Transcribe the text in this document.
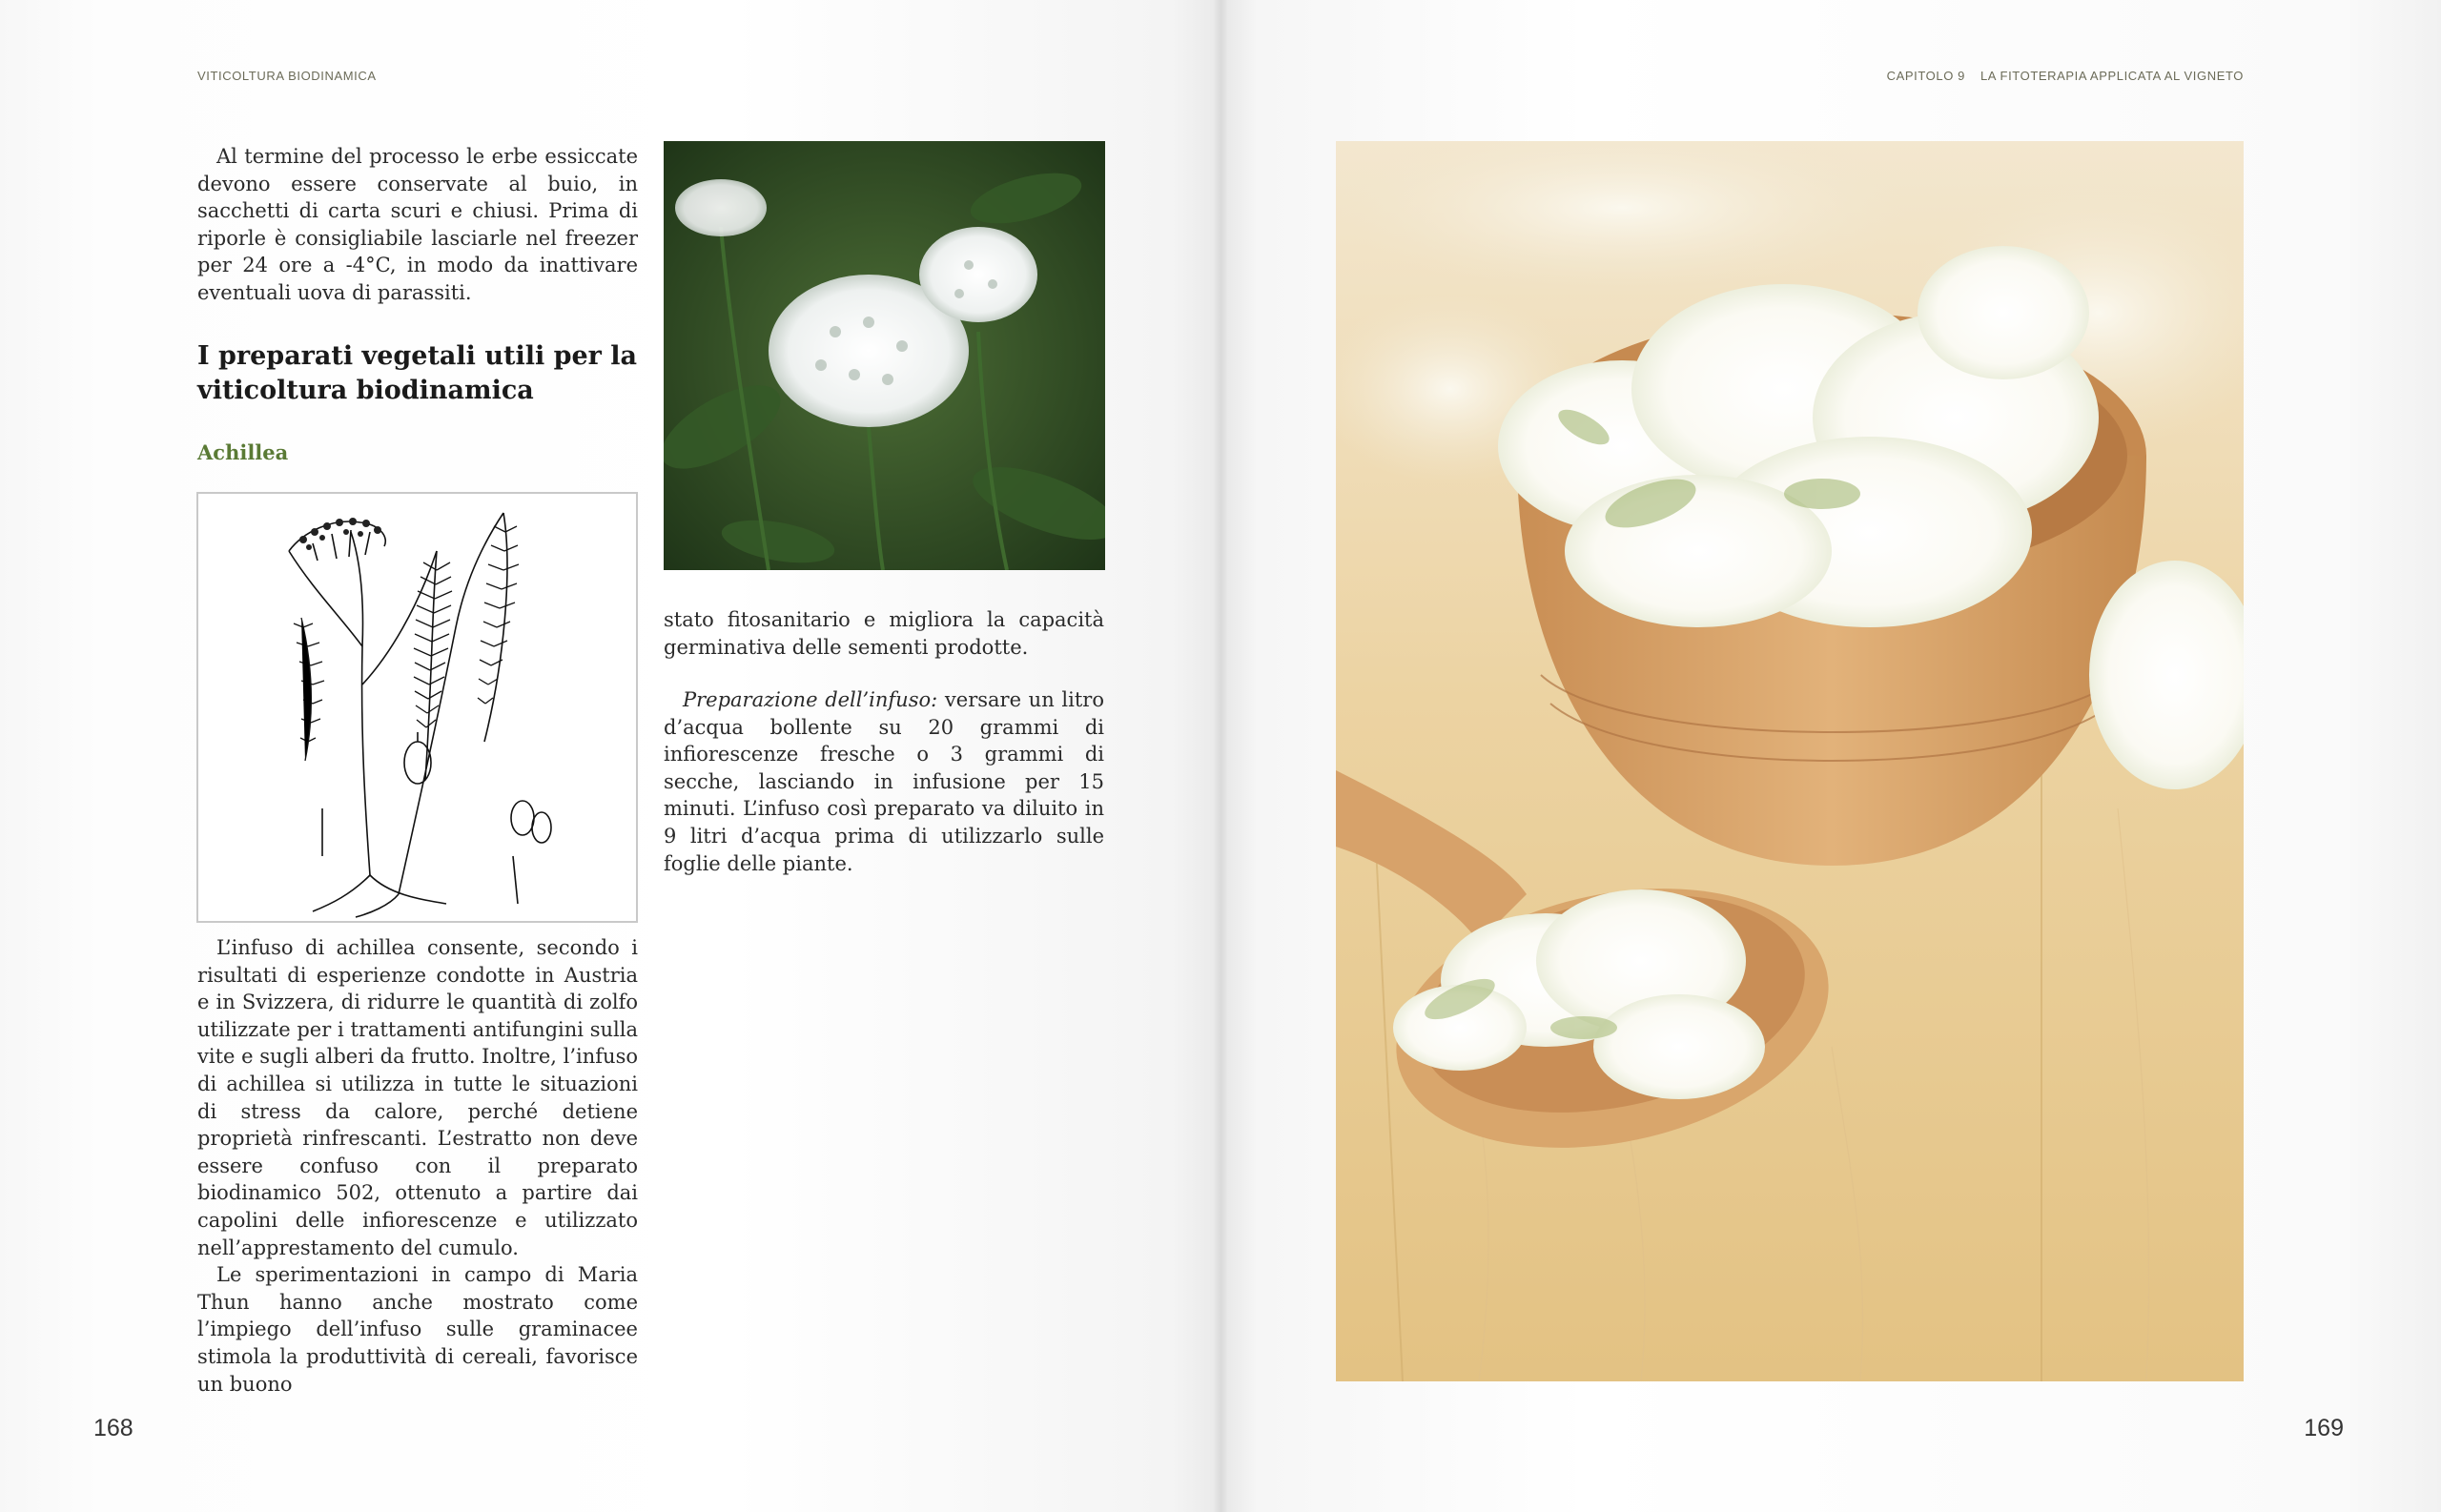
VITICOLTURA BIODINAMICA

Al termine del processo le erbe essiccate devono essere conservate al buio, in sacchetti di carta scuri e chiusi. Prima di riporle è consigliabile lasciarle nel freezer per 24 ore a -4°C, in modo da inattivare eventuali uova di parassiti.

I preparati vegetali utili per la viticoltura biodinamica
Achillea

L’infuso di achillea consente, secondo i risultati di esperienze condotte in Austria e in Svizzera, di ridurre le quantità di zolfo utilizzate per i trattamenti antifungini sulla vite e sugli alberi da frutto. Inoltre, l’infuso di achillea si utilizza in tutte le situazioni di stress da calore, perché detiene proprietà rinfrescanti. L’estratto non deve essere confuso con il preparato biodinamico 502, ottenuto a partire dai capolini delle infiorescenze e utilizzato nell’apprestamento del cumulo.
Le sperimentazioni in campo di Maria Thun hanno anche mostrato come l’impiego dell’infuso sulle graminacee stimola la produttività di cereali, favorisce un buono

stato fitosanitario e migliora la capacità germinativa delle sementi prodotte.

Preparazione dell’infuso: versare un litro d’acqua bollente su 20 grammi di infiorescenze fresche o 3 grammi di secche, lasciando in infusione per 15 minuti. L’infuso così preparato va diluito in 9 litri d’acqua prima di utilizzarlo sulle foglie delle piante.

168
CAPITOLO 9 LA FITOTERAPIA APPLICATA AL VIGNETO
169
